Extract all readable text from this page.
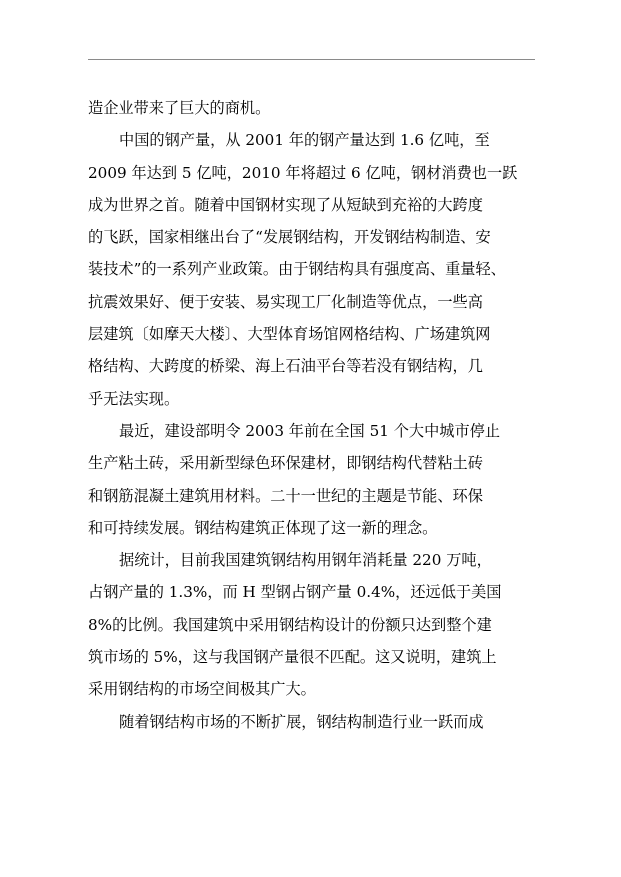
造企业带来了巨大的商机。
中国的钢产量，从 2001 年的钢产量达到 1.6 亿吨，至
2009 年达到 5 亿吨，2010 年将超过 6 亿吨，钢材消费也一跃
成为世界之首。随着中国钢材实现了从短缺到充裕的大跨度
的飞跃，国家相继出台了“发展钢结构，开发钢结构制造、安
装技术”的一系列产业政策。由于钢结构具有强度高、重量轻、
抗震效果好、便于安装、易实现工厂化制造等优点，一些高
层建筑〔如摩天大楼〕、大型体育场馆网格结构、广场建筑网
格结构、大跨度的桥梁、海上石油平台等若没有钢结构，几
乎无法实现。
最近，建设部明令 2003 年前在全国 51 个大中城市停止
生产粘土砖，采用新型绿色环保建材，即钢结构代替粘土砖
和钢筋混凝土建筑用材料。二十一世纪的主题是节能、环保
和可持续发展。钢结构建筑正体现了这一新的理念。
据统计，目前我国建筑钢结构用钢年消耗量 220 万吨，
占钢产量的 1.3%，而 H 型钢占钢产量 0.4%，还远低于美国
8%的比例。我国建筑中采用钢结构设计的份额只达到整个建
筑市场的 5%，这与我国钢产量很不匹配。这又说明，建筑上
采用钢结构的市场空间极其广大。
随着钢结构市场的不断扩展，钢结构制造行业一跃而成
